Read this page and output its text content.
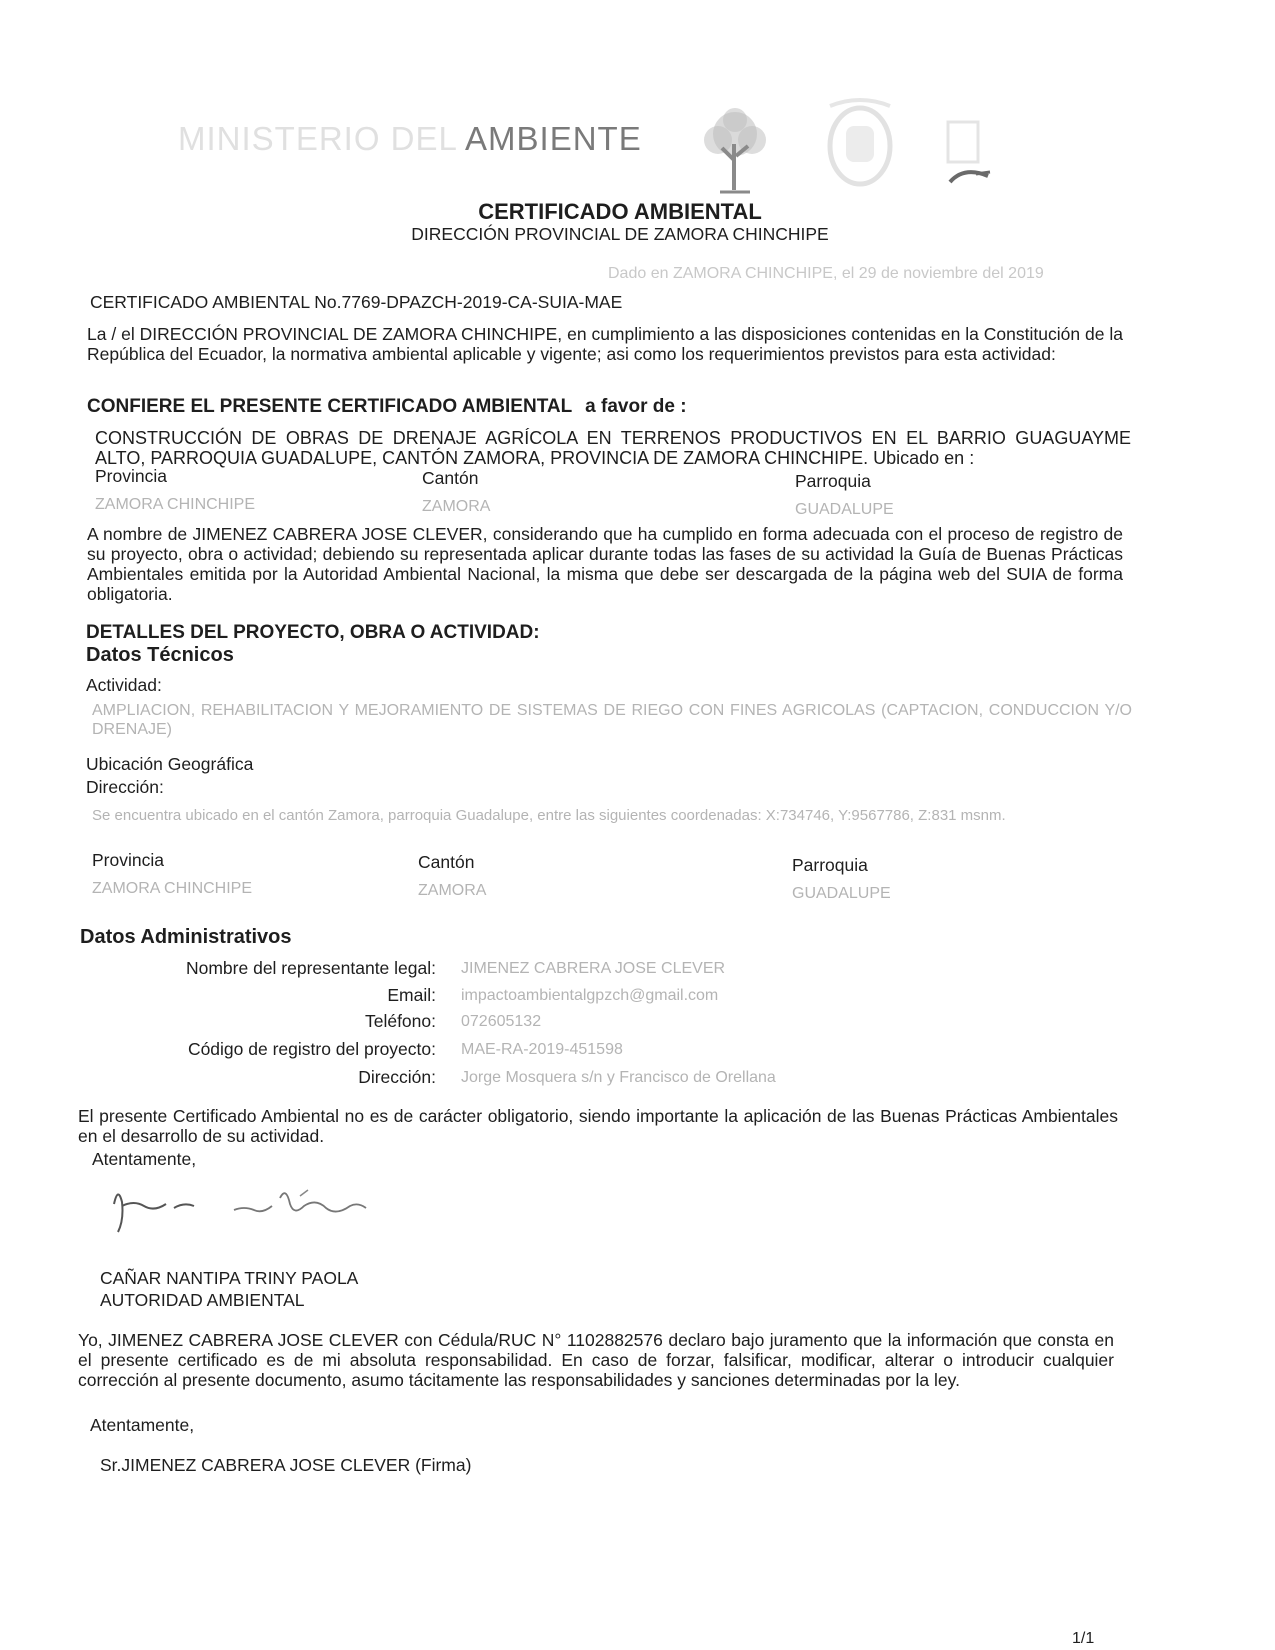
MINISTERIO DEL AMBIENTE
CERTIFICADO AMBIENTAL
DIRECCIÓN PROVINCIAL DE ZAMORA CHINCHIPE
Dado en ZAMORA CHINCHIPE, el 29 de noviembre del 2019
CERTIFICADO AMBIENTAL No.7769-DPAZCH-2019-CA-SUIA-MAE

La / el DIRECCIÓN PROVINCIAL DE ZAMORA CHINCHIPE, en cumplimiento a las disposiciones contenidas en la Constitución de la República del Ecuador, la normativa ambiental aplicable y vigente; asi como los requerimientos previstos para esta actividad:

CONFIERE EL PRESENTE CERTIFICADO AMBIENTAL a favor de :

CONSTRUCCIÓN DE OBRAS DE DRENAJE AGRÍCOLA EN TERRENOS PRODUCTIVOS EN EL BARRIO GUAGUAYME ALTO, PARROQUIA GUADALUPE, CANTÓN ZAMORA, PROVINCIA DE ZAMORA CHINCHIPE. Ubicado en :

Provincia	Cantón	Parroquia
ZAMORA CHINCHIPE	ZAMORA	GUADALUPE

A nombre de JIMENEZ CABRERA JOSE CLEVER, considerando que ha cumplido en forma adecuada con el proceso de registro de su proyecto, obra o actividad; debiendo su representada aplicar durante todas las fases de su actividad la Guía de Buenas Prácticas Ambientales emitida por la Autoridad Ambiental Nacional, la misma que debe ser descargada de la página web del SUIA de forma obligatoria.

DETALLES DEL PROYECTO, OBRA O ACTIVIDAD:
Datos Técnicos
Actividad:

AMPLIACION, REHABILITACION Y MEJORAMIENTO DE SISTEMAS DE RIEGO CON FINES AGRICOLAS (CAPTACION, CONDUCCION Y/O DRENAJE)

Ubicación Geográfica
Dirección:

Se encuentra ubicado en el cantón Zamora, parroquia Guadalupe, entre las siguientes coordenadas: X:734746, Y:9567786, Z:831 msnm.

Provincia	Cantón	Parroquia
ZAMORA CHINCHIPE	ZAMORA	GUADALUPE
Datos Administrativos
Nombre del representante legal: JIMENEZ CABRERA JOSE CLEVER
Email: impactoambientalgpzch@gmail.com
Teléfono: 072605132
Código de registro del proyecto: MAE-RA-2019-451598
Dirección: Jorge Mosquera s/n y Francisco de Orellana

El presente Certificado Ambiental no es de carácter obligatorio, siendo importante la aplicación de las Buenas Prácticas Ambientales en el desarrollo de su actividad.

Atentamente,
CAÑAR NANTIPA TRINY PAOLA
AUTORIDAD AMBIENTAL

Yo, JIMENEZ CABRERA JOSE CLEVER con Cédula/RUC N° 1102882576 declaro bajo juramento que la información que consta en el presente certificado es de mi absoluta responsabilidad. En caso de forzar, falsificar, modificar, alterar o introducir cualquier corrección al presente documento, asumo tácitamente las responsabilidades y sanciones determinadas por la ley.

Atentamente,
Sr.JIMENEZ CABRERA JOSE CLEVER (Firma)
1/1
